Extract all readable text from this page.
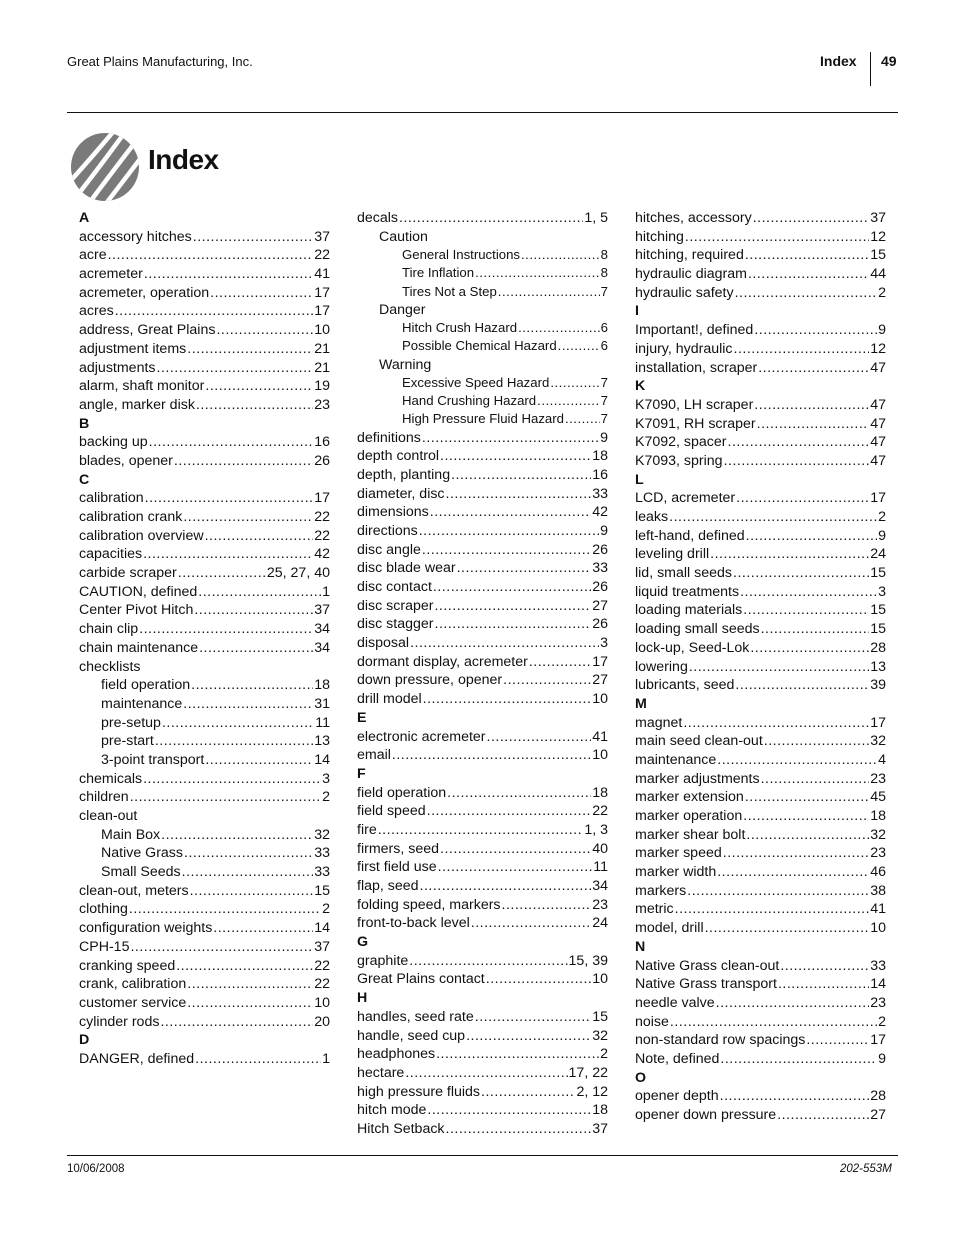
Great Plains Manufacturing, Inc.	Index 49
Index
A
accessory hitches .....	37
acre .....	22
acremeter .....	41
acremeter, operation .....	17
acres .....	17
address, Great Plains .....	10
adjustment items .....	21
adjustments .....	21
alarm, shaft monitor .....	19
angle, marker disk .....	23
B
backing up .....	16
blades, opener .....	26
C
calibration .....	17
calibration crank .....	22
calibration overview .....	22
capacities .....	42
carbide scraper .....	25, 27, 40
CAUTION, defined .....	1
Center Pivot Hitch .....	37
chain clip .....	34
chain maintenance .....	34
checklists
field operation .....	18
maintenance .....	31
pre-setup .....	11
pre-start .....	13
3-point transport .....	14
chemicals .....	3
children .....	2
clean-out
Main Box .....	32
Native Grass .....	33
Small Seeds .....	33
clean-out, meters .....	15
clothing .....	2
configuration weights .....	14
CPH-15 .....	37
cranking speed .....	22
crank, calibration .....	22
customer service .....	10
cylinder rods .....	20
D
DANGER, defined .....	1
decals .....	1, 5
Caution
General Instructions .....	8
Tire Inflation .....	8
Tires Not a Step .....	7
Danger
Hitch Crush Hazard .....	6
Possible Chemical Hazard .....	6
Warning
Excessive Speed Hazard .....	7
Hand Crushing Hazard .....	7
High Pressure Fluid Hazard .....	7
definitions .....	9
depth control .....	18
depth, planting .....	16
diameter, disc .....	33
dimensions .....	42
directions .....	9
disc angle .....	26
disc blade wear .....	33
disc contact .....	26
disc scraper .....	27
disc stagger .....	26
disposal .....	3
dormant display, acremeter .....	17
down pressure, opener .....	27
drill model .....	10
E
electronic acremeter .....	41
email .....	10
F
field operation .....	18
field speed .....	22
fire .....	1, 3
firmers, seed .....	40
first field use .....	11
flap, seed .....	34
folding speed, markers .....	23
front-to-back level .....	24
G
graphite .....	15, 39
Great Plains contact .....	10
H
handles, seed rate .....	15
handle, seed cup .....	32
headphones .....	2
hectare .....	17, 22
high pressure fluids .....	2, 12
hitch mode .....	18
Hitch Setback .....	37
hitches, accessory .....	37
hitching .....	12
hitching, required .....	15
hydraulic diagram .....	44
hydraulic safety .....	2
I
Important!, defined .....	9
injury, hydraulic .....	12
installation, scraper .....	47
K
K7090, LH scraper .....	47
K7091, RH scraper .....	47
K7092, spacer .....	47
K7093, spring .....	47
L
LCD, acremeter .....	17
leaks .....	2
left-hand, defined .....	9
leveling drill .....	24
lid, small seeds .....	15
liquid treatments .....	3
loading materials .....	15
loading small seeds .....	15
lock-up, Seed-Lok .....	28
lowering .....	13
lubricants, seed .....	39
M
magnet .....	17
main seed clean-out .....	32
maintenance .....	4
marker adjustments .....	23
marker extension .....	45
marker operation .....	18
marker shear bolt .....	32
marker speed .....	23
marker width .....	46
markers .....	38
metric .....	41
model, drill .....	10
N
Native Grass clean-out .....	33
Native Grass transport .....	14
needle valve .....	23
noise .....	2
non-standard row spacings .....	17
Note, defined .....	9
O
opener depth .....	28
opener down pressure .....	27
10/06/2008	202-553M
